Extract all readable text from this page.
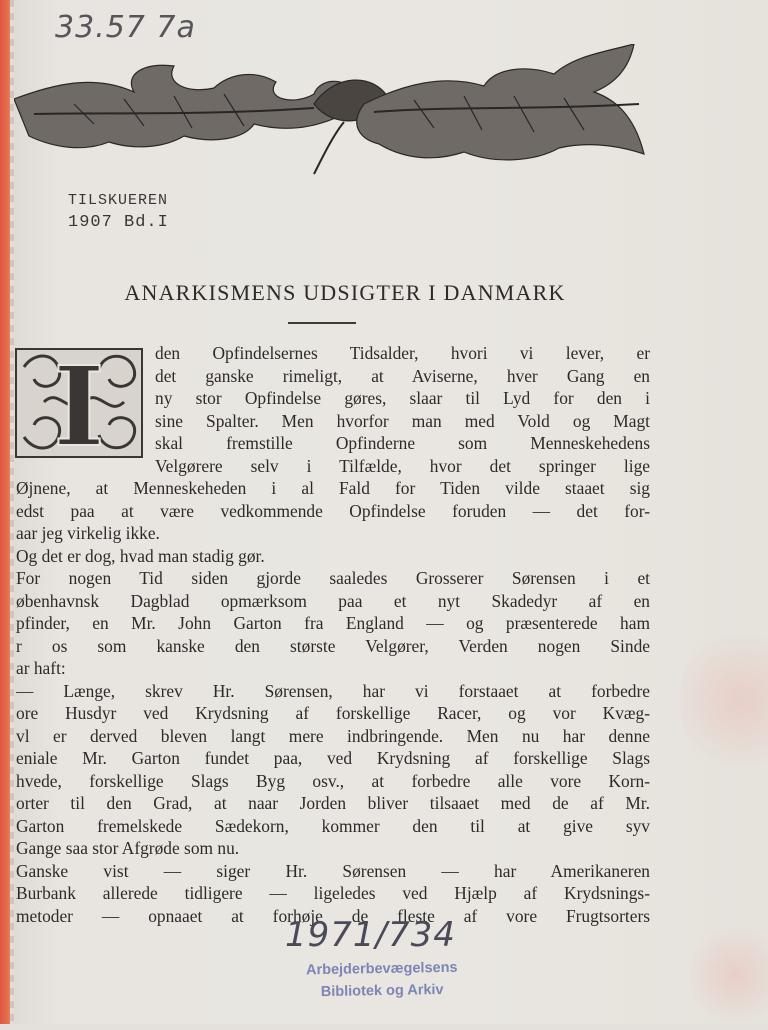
33.57 7a
TILSKUEREN
1907 Bd.I
ANARKISMENS UDSIGTER I DANMARK
I	den Opfindelsernes Tidsalder, hvori vi lever, er
det ganske rimeligt, at Aviserne, hver Gang en
ny stor Opfindelse gøres, slaar til Lyd for den i
sine Spalter. Men hvorfor man med Vold og Magt
skal fremstille Opfinderne som Menneskehedens
Velgørere selv i Tilfælde, hvor det springer lige
Øjnene, at Menneskeheden i al Fald for Tiden vilde staaet sig
edst paa at være vedkommende Opfindelse foruden — det for-
aar jeg virkelig ikke.
Og det er dog, hvad man stadig gør.
For nogen Tid siden gjorde saaledes Grosserer Sørensen i et
øbenhavnsk Dagblad opmærksom paa et nyt Skadedyr af en
pfinder, en Mr. John Garton fra England — og præsenterede ham
r os som kanske den største Velgører, Verden nogen Sinde
ar haft:
— Længe, skrev Hr. Sørensen, har vi forstaaet at forbedre
ore Husdyr ved Krydsning af forskellige Racer, og vor Kvæg-
vl er derved bleven langt mere indbringende. Men nu har denne
eniale Mr. Garton fundet paa, ved Krydsning af forskellige Slags
hvede, forskellige Slags Byg osv., at forbedre alle vore Korn-
orter til den Grad, at naar Jorden bliver tilsaaet med de af Mr.
Garton fremelskede Sædekorn, kommer den til at give syv
Gange saa stor Afgrøde som nu.
Ganske vist — siger Hr. Sørensen — har Amerikaneren
Burbank allerede tidligere — ligeledes ved Hjælp af Krydsnings-
metoder — opnaaet at forhøje de fleste af vore Frugtsorters
1971/734
Arbejderbevægelsens
Bibliotek og Arkiv
